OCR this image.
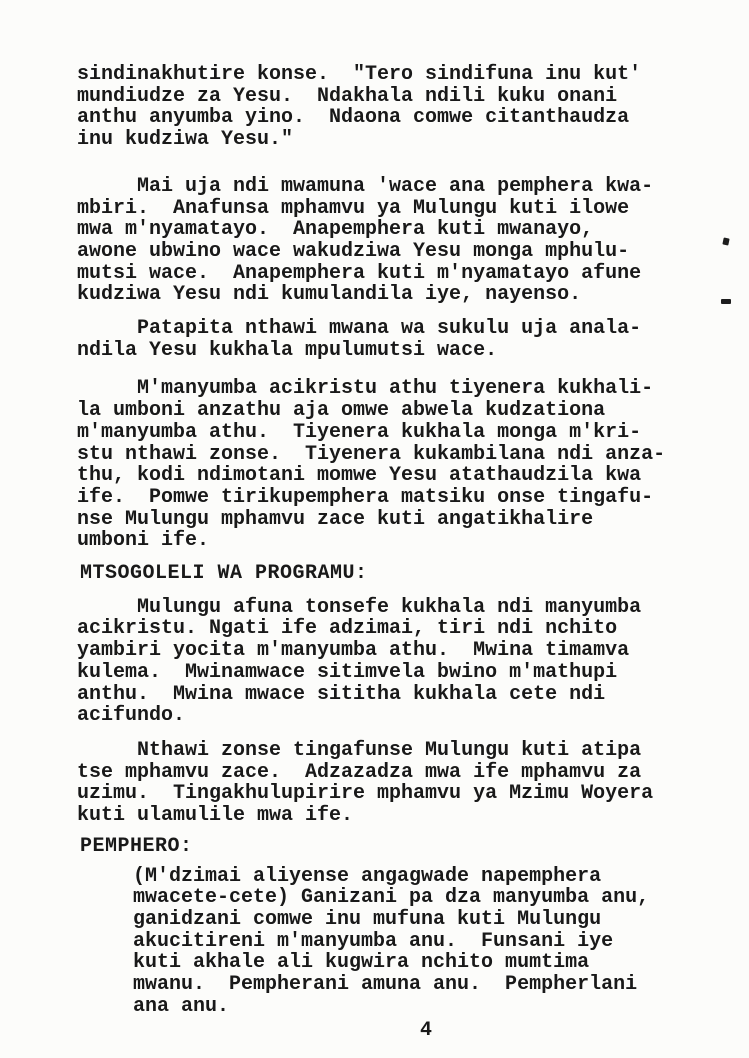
sindinakhutire konse.  "Tero sindifuna inu kut'
mundiudze za Yesu.  Ndakhala ndili kuku onani
anthu anyumba yino.  Ndaona comwe citanthaudza
inu kudziwa Yesu."
Mai uja ndi mwamuna 'wace ana pemphera kwa-
mbiri.  Anafunsa mphamvu ya Mulungu kuti ilowe
mwa m'nyamatayo.  Anapemphera kuti mwanayo,
awone ubwino wace wakudziwa Yesu monga mphulu-
mutsi wace.  Anapemphera kuti m'nyamatayo afune
kudziwa Yesu ndi kumulandila iye, nayenso.
Patapita nthawi mwana wa sukulu uja anala-
ndila Yesu kukhala mpulumutsi wace.
M'manyumba acikristu athu tiyenera kukhali-
la umboni anzathu aja omwe abwela kudzationa
m'manyumba athu.  Tiyenera kukhala monga m'kri-
stu nthawi zonse.  Tiyenera kukambilana ndi anza-
thu, kodi ndimotani momwe Yesu atathaudzila kwa
ife.  Pomwe tirikupemphera matsiku onse tingafu-
nse Mulungu mphamvu zace kuti angatikhalire
umboni ife.
MTSOGOLELI WA PROGRAMU:
Mulungu afuna tonsefe kukhala ndi manyumba
acikristu. Ngati ife adzimai, tiri ndi nchito
yambiri yocita m'manyumba athu.  Mwina timamva
kulema.  Mwinamwace sitimvela bwino m'mathupi
anthu.  Mwina mwace sititha kukhala cete ndi
acifundo.
Nthawi zonse tingafunse Mulungu kuti atipa
tse mphamvu zace.  Adzazadza mwa ife mphamvu za
uzimu.  Tingakhulupirire mphamvu ya Mzimu Woyera
kuti ulamulile mwa ife.
PEMPHERO:
(M'dzimai aliyense angagwade napemphera
mwacete-cete) Ganizani pa dza manyumba anu,
ganidzani comwe inu mufuna kuti Mulungu
akucitireni m'manyumba anu.  Funsani iye
kuti akhale ali kugwira nchito mumtima
mwanu.  Pempherani amuna anu.  Pempherlani
ana anu.
4
